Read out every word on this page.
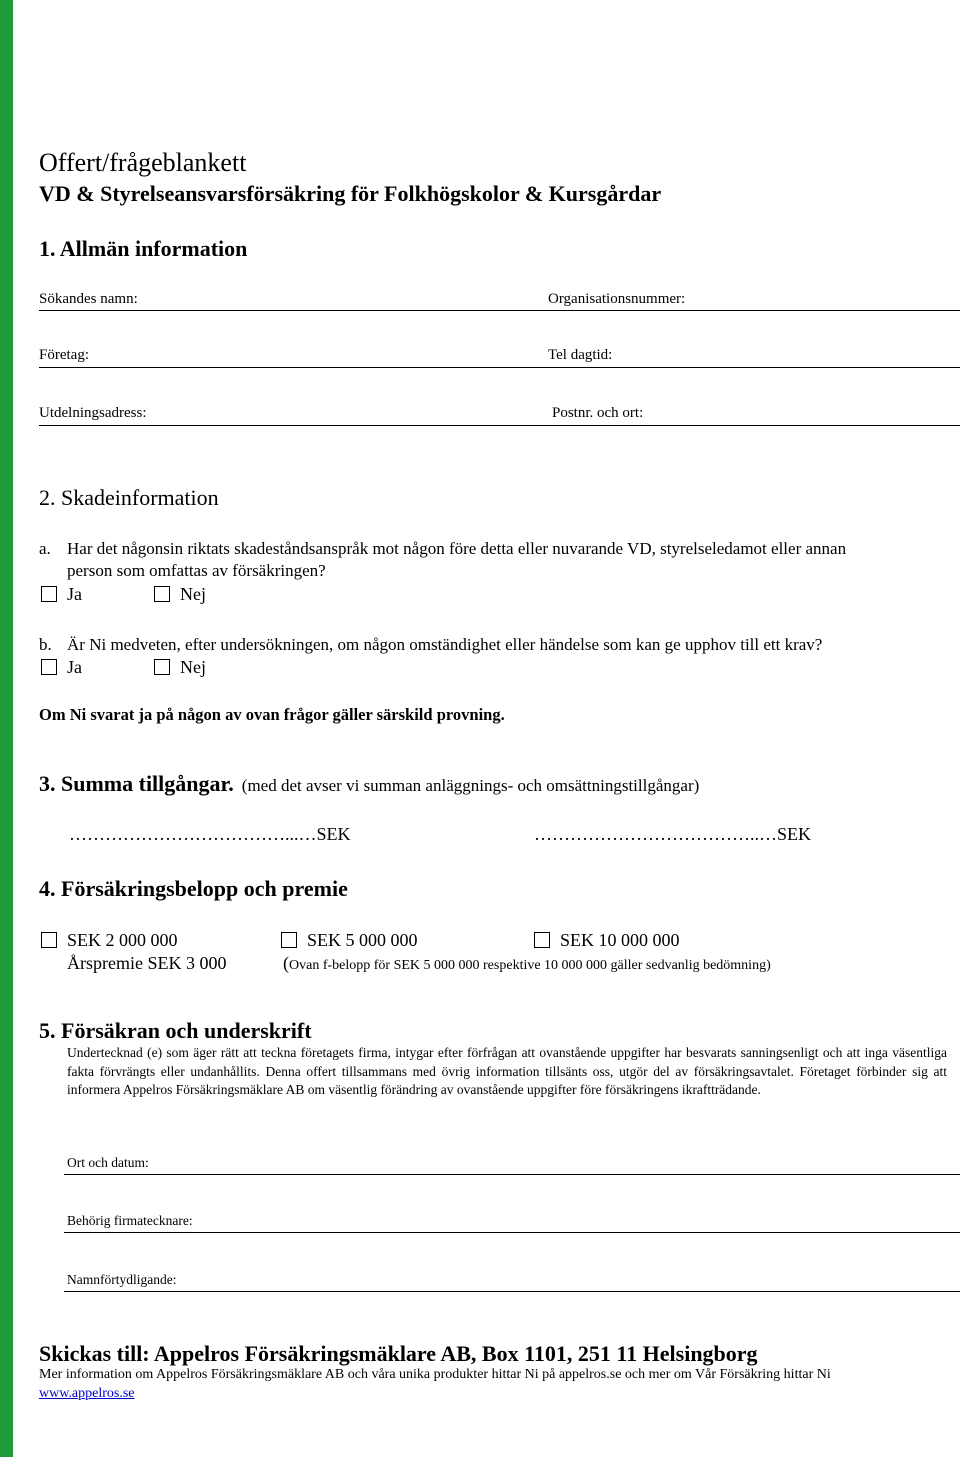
Offert/frågeblankett
VD & Styrelseansvarsförsäkring för Folkhögskolor & Kursgårdar
1. Allmän information
Sökandes namn:	Organisationsnummer:
Företag:	Tel dagtid:
Utdelningsadress:	Postnr. och ort:
2. Skadeinformation
a. Har det någonsin riktats skadeståndsanspråk mot någon före detta eller nuvarande VD, styrelseledamot eller annan
person som omfattas av försäkringen?
Ja	Nej
b. Är Ni medveten, efter undersökningen, om någon omständighet eller händelse som kan ge upphov till ett krav?
Ja	Nej
Om Ni svarat ja på någon av ovan frågor gäller särskild provning.
3. Summa tillgångar. (med det avser vi summan anläggnings- och omsättningstillgångar)
………………………………...…SEK	………………………………..…SEK
4. Försäkringsbelopp och premie
SEK 2 000 000	SEK 5 000 000	SEK 10 000 000
Årspremie SEK 3 000	(Ovan f-belopp för SEK 5 000 000 respektive 10 000 000 gäller sedvanlig bedömning)
5. Försäkran och underskrift
Undertecknad (e) som äger rätt att teckna företagets firma, intygar efter förfrågan att ovanstående uppgifter har besvarats sanningsenligt och att inga väsentliga fakta förvrängts eller undanhållits. Denna offert tillsammans med övrig information tillsänts oss, utgör del av försäkringsavtalet. Företaget förbinder sig att informera Appelros Försäkringsmäklare AB om väsentlig förändring av ovanstående uppgifter före försäkringens ikraftträdande.
Ort och datum:
Behörig firmatecknare:
Namnförtydligande:
Skickas till: Appelros Försäkringsmäklare AB, Box 1101, 251 11 Helsingborg
Mer information om Appelros Försäkringsmäklare AB och våra unika produkter hittar Ni på appelros.se och mer om Vår Försäkring hittar Ni
www.appelros.se
